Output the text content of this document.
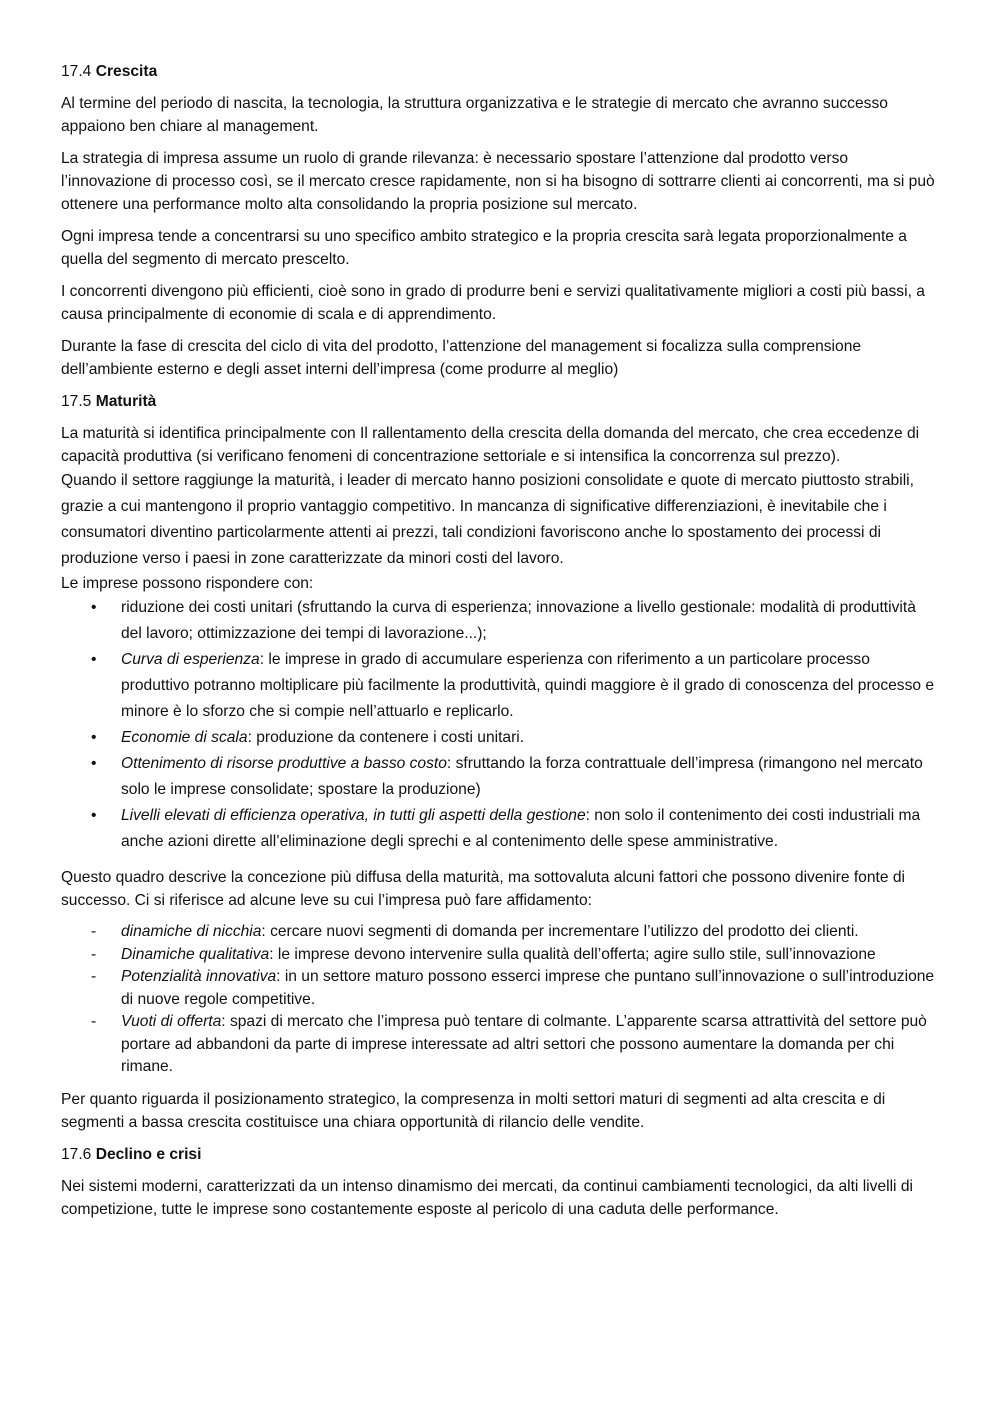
17.4 Crescita

Al termine del periodo di nascita, la tecnologia, la struttura organizzativa e le strategie di mercato che avranno successo appaiono ben chiare al management.

La strategia di impresa assume un ruolo di grande rilevanza: è necessario spostare l’attenzione dal prodotto verso l’innovazione di processo così, se il mercato cresce rapidamente, non si ha bisogno di sottrarre clienti ai concorrenti, ma si può ottenere una performance molto alta consolidando la propria posizione sul mercato.

Ogni impresa tende a concentrarsi su uno specifico ambito strategico e la propria crescita sarà legata proporzionalmente a quella del segmento di mercato prescelto.

I concorrenti divengono più efficienti, cioè sono in grado di produrre beni e servizi qualitativamente migliori a costi più bassi, a causa principalmente di economie di scala e di apprendimento.

Durante la fase di crescita del ciclo di vita del prodotto, l’attenzione del management si focalizza sulla comprensione dell’ambiente esterno e degli asset interni dell’impresa (come produrre al meglio)

17.5 Maturità

La maturità si identifica principalmente con Il rallentamento della crescita della domanda del mercato, che crea eccedenze di capacità produttiva (si verificano fenomeni di concentrazione settoriale e si intensifica la concorrenza sul prezzo).

Quando il settore raggiunge la maturità, i leader di mercato hanno posizioni consolidate e quote di mercato piuttosto strabili, grazie a cui mantengono il proprio vantaggio competitivo. In mancanza di significative differenziazioni, è inevitabile che i consumatori diventino particolarmente attenti ai prezzi, tali condizioni favoriscono anche lo spostamento dei processi di produzione verso i paesi in zone caratterizzate da minori costi del lavoro.

Le imprese possono rispondere con:

• riduzione dei costi unitari (sfruttando la curva di esperienza; innovazione a livello gestionale: modalità di produttività del lavoro; ottimizzazione dei tempi di lavorazione...);
• Curva di esperienza: le imprese in grado di accumulare esperienza con riferimento a un particolare processo produttivo potranno moltiplicare più facilmente la produttività, quindi maggiore è il grado di conoscenza del processo e minore è lo sforzo che si compie nell’attuarlo e replicarlo.
• Economie di scala: produzione da contenere i costi unitari.
• Ottenimento di risorse produttive a basso costo: sfruttando la forza contrattuale dell’impresa (rimangono nel mercato solo le imprese consolidate; spostare la produzione)
• Livelli elevati di efficienza operativa, in tutti gli aspetti della gestione: non solo il contenimento dei costi industriali ma anche azioni dirette all’eliminazione degli sprechi e al contenimento delle spese amministrative.

Questo quadro descrive la concezione più diffusa della maturità, ma sottovaluta alcuni fattori che possono divenire fonte di successo. Ci si riferisce ad alcune leve su cui l’impresa può fare affidamento:

- dinamiche di nicchia: cercare nuovi segmenti di domanda per incrementare l’utilizzo del prodotto dei clienti.
- Dinamiche qualitativa: le imprese devono intervenire sulla qualità dell’offerta; agire sullo stile, sull’innovazione
- Potenzialità innovativa: in un settore maturo possono esserci imprese che puntano sull’innovazione o sull’introduzione di nuove regole competitive.
- Vuoti di offerta: spazi di mercato che l’impresa può tentare di colmante. L’apparente scarsa attrattività del settore può portare ad abbandoni da parte di imprese interessate ad altri settori che possono aumentare la domanda per chi rimane.

Per quanto riguarda il posizionamento strategico, la compresenza in molti settori maturi di segmenti ad alta crescita e di segmenti a bassa crescita costituisce una chiara opportunità di rilancio delle vendite.

17.6 Declino e crisi

Nei sistemi moderni, caratterizzati da un intenso dinamismo dei mercati, da continui cambiamenti tecnologici, da alti livelli di competizione, tutte le imprese sono costantemente esposte al pericolo di una caduta delle performance.
